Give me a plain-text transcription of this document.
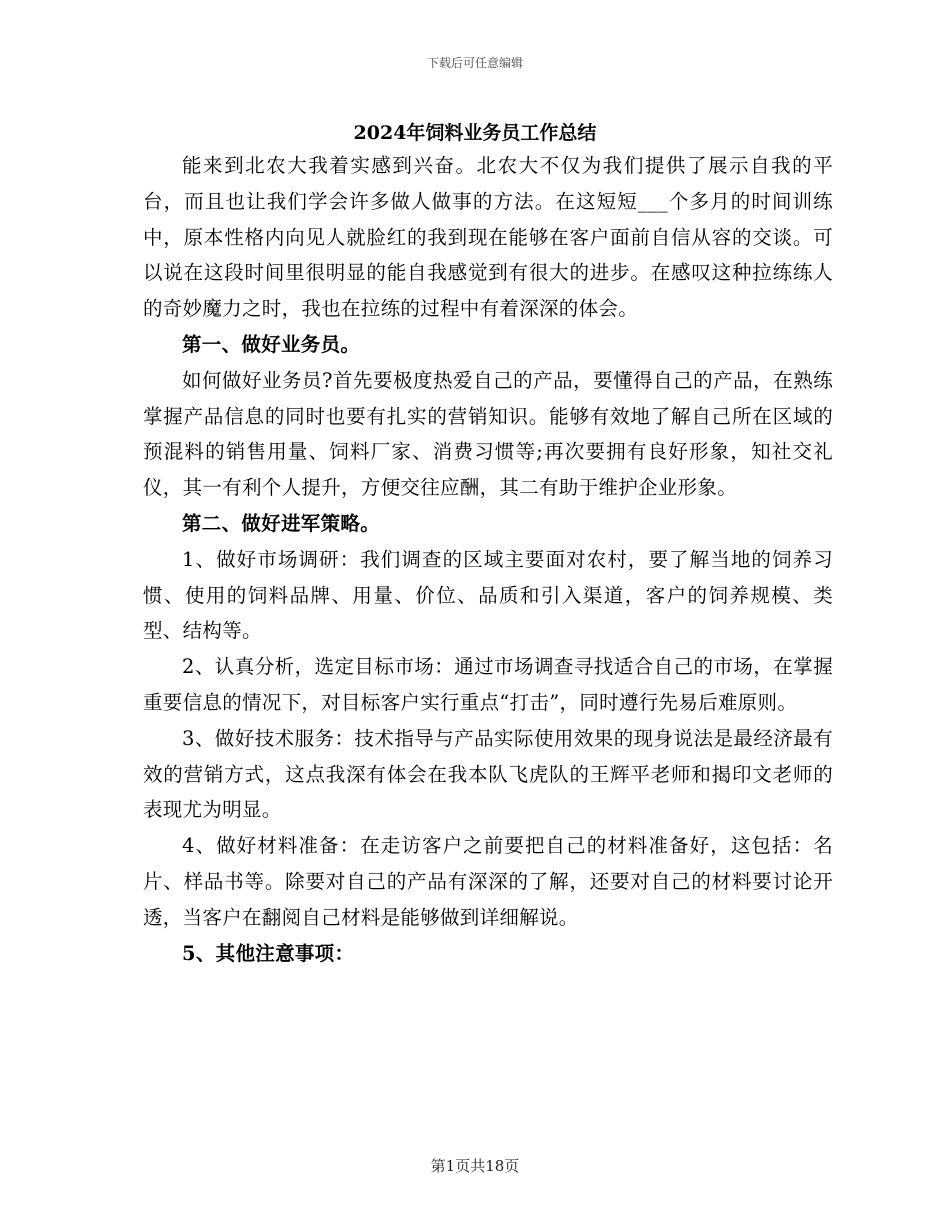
下载后可任意编辑
2024年饲料业务员工作总结

能来到北农大我着实感到兴奋。北农大不仅为我们提供了展示自我的平台，而且也让我们学会许多做人做事的方法。在这短短___个多月的时间训练中，原本性格内向见人就脸红的我到现在能够在客户面前自信从容的交谈。可以说在这段时间里很明显的能自我感觉到有很大的进步。在感叹这种拉练练人的奇妙魔力之时，我也在拉练的过程中有着深深的体会。

第一、做好业务员。

如何做好业务员?首先要极度热爱自己的产品，要懂得自己的产品，在熟练掌握产品信息的同时也要有扎实的营销知识。能够有效地了解自己所在区域的预混料的销售用量、饲料厂家、消费习惯等;再次要拥有良好形象，知社交礼仪，其一有利个人提升，方便交往应酬，其二有助于维护企业形象。

第二、做好进军策略。

1、做好市场调研：我们调查的区域主要面对农村，要了解当地的饲养习惯、使用的饲料品牌、用量、价位、品质和引入渠道，客户的饲养规模、类型、结构等。

2、认真分析，选定目标市场：通过市场调查寻找适合自己的市场，在掌握重要信息的情况下，对目标客户实行重点“打击”，同时遵行先易后难原则。

3、做好技术服务：技术指导与产品实际使用效果的现身说法是最经济最有效的营销方式，这点我深有体会在我本队飞虎队的王辉平老师和揭印文老师的表现尤为明显。

4、做好材料准备：在走访客户之前要把自己的材料准备好，这包括：名片、样品书等。除要对自己的产品有深深的了解，还要对自己的材料要讨论开透，当客户在翻阅自己材料是能够做到详细解说。

5、其他注意事项：

第1页共18页
